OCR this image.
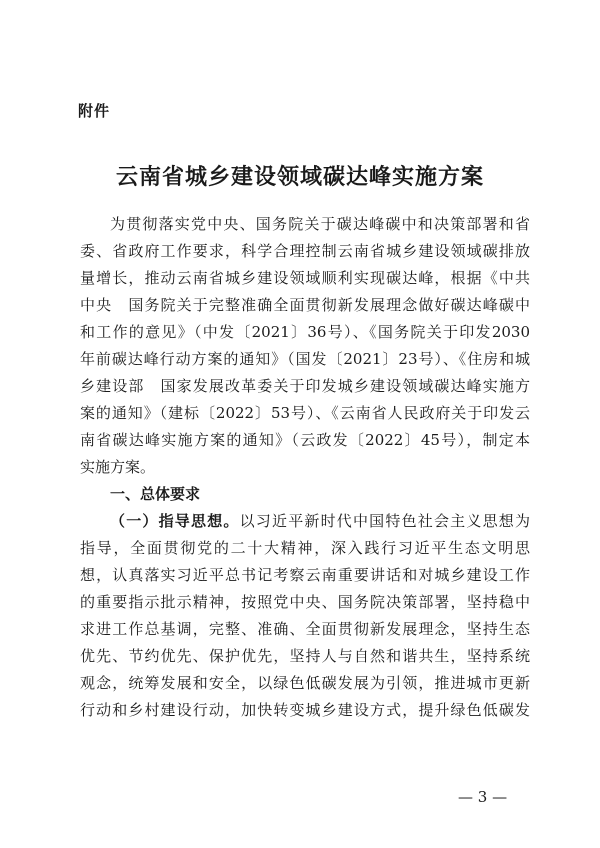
附件
云南省城乡建设领域碳达峰实施方案
为贯彻落实党中央、国务院关于碳达峰碳中和决策部署和省
委、省政府工作要求，科学合理控制云南省城乡建设领域碳排放
量增长，推动云南省城乡建设领域顺利实现碳达峰，根据《中共
中央　国务院关于完整准确全面贯彻新发展理念做好碳达峰碳中
和工作的意见》（中发〔2021〕36号）、《国务院关于印发2030
年前碳达峰行动方案的通知》（国发〔2021〕23号）、《住房和城
乡建设部　国家发展改革委关于印发城乡建设领域碳达峰实施方
案的通知》（建标〔2022〕53号）、《云南省人民政府关于印发云
南省碳达峰实施方案的通知》（云政发〔2022〕45号），制定本
实施方案。
一、总体要求
（一）指导思想。以习近平新时代中国特色社会主义思想为
指导，全面贯彻党的二十大精神，深入践行习近平生态文明思
想，认真落实习近平总书记考察云南重要讲话和对城乡建设工作
的重要指示批示精神，按照党中央、国务院决策部署，坚持稳中
求进工作总基调，完整、准确、全面贯彻新发展理念，坚持生态
优先、节约优先、保护优先，坚持人与自然和谐共生，坚持系统
观念，统筹发展和安全，以绿色低碳发展为引领，推进城市更新
行动和乡村建设行动，加快转变城乡建设方式，提升绿色低碳发
— 3 —
